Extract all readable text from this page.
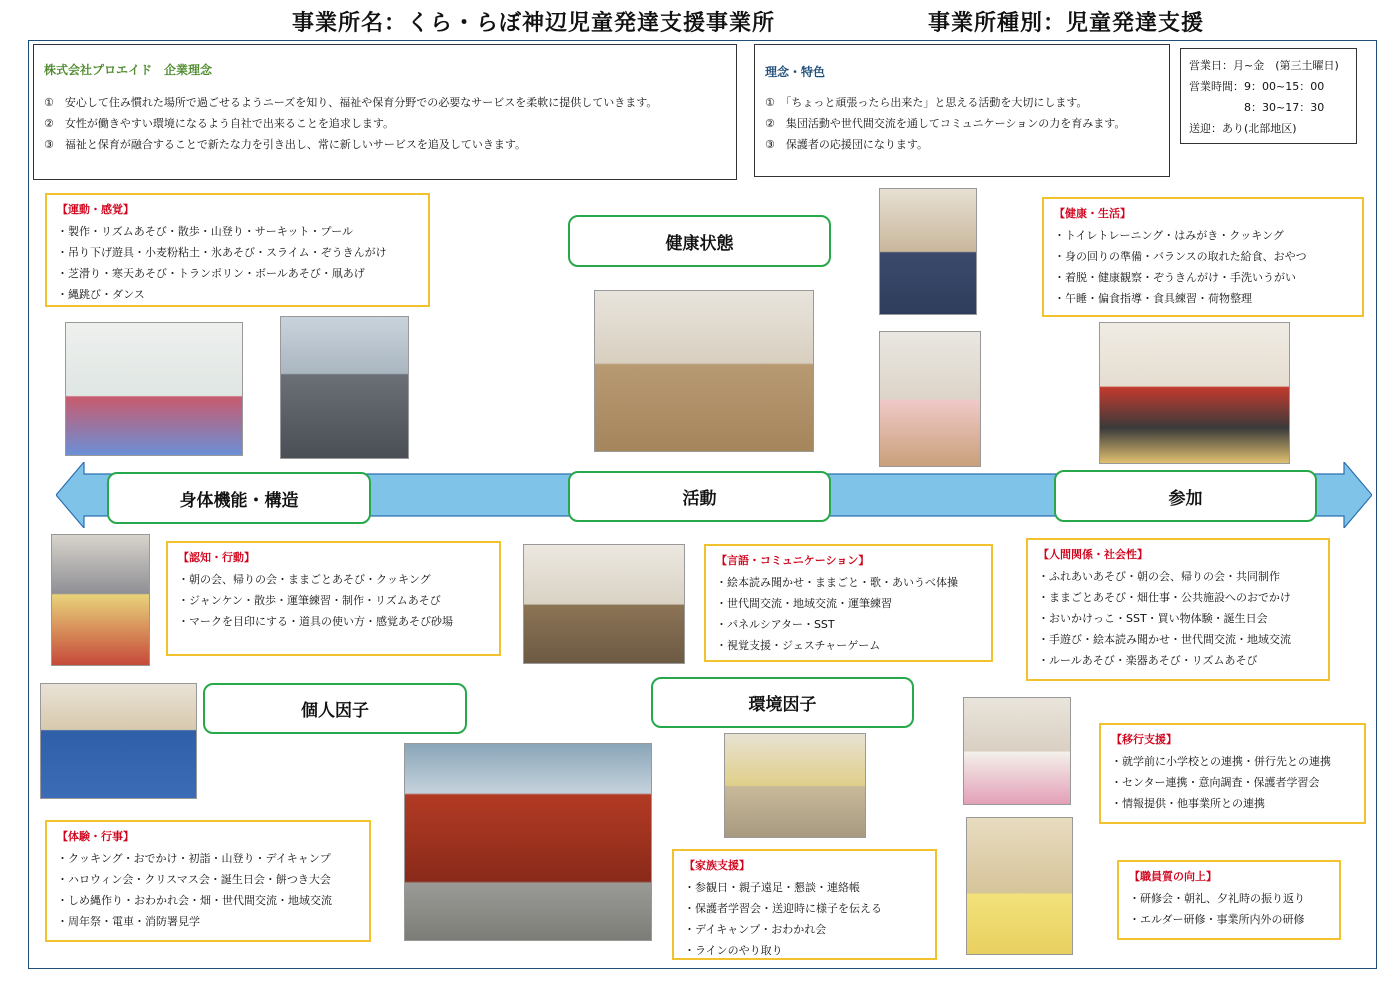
事業所名：くら・らぼ神辺児童発達支援事業所	事業所種別：児童発達支援
株式会社プロエイド　企業理念
①　安心して住み慣れた場所で過ごせるようニーズを知り、福祉や保育分野での必要なサービスを柔軟に提供していきます。
②　女性が働きやすい環境になるよう自社で出来ることを追求します。
③　福祉と保育が融合することで新たな力を引き出し、常に新しいサービスを追及していきます。
理念・特色
①　「ちょっと頑張ったら出来た」と思える活動を大切にします。
②　集団活動や世代間交流を通してコミュニケーションの力を育みます。
③　保護者の応援団になります。
営業日：月~金　(第三土曜日)
営業時間：9：00~15：00
　　　　　8：30~17：30
送迎：あり(北部地区)
【運動・感覚】
・製作・リズムあそび・散歩・山登り・サーキット・プール
・吊り下げ遊具・小麦粉粘土・氷あそび・スライム・ぞうきんがけ
・芝滑り・寒天あそび・トランポリン・ボールあそび・凧あげ
・縄跳び・ダンス
【健康・生活】
・トイレトレーニング・はみがき・クッキング
・身の回りの準備・バランスの取れた給食、おやつ
・着脱・健康観察・ぞうきんがけ・手洗いうがい
・午睡・偏食指導・食具練習・荷物整理
健康状態
身体機能・構造	活動	参加
【認知・行動】
・朝の会、帰りの会・ままごとあそび・クッキング
・ジャンケン・散歩・運筆練習・制作・リズムあそび
・マークを目印にする・道具の使い方・感覚あそび砂場
【言語・コミュニケーション】
・絵本読み聞かせ・ままごと・歌・あいうべ体操
・世代間交流・地域交流・運筆練習
・パネルシアター・SST
・視覚支援・ジェスチャーゲーム
【人間関係・社会性】
・ふれあいあそび・朝の会、帰りの会・共同制作
・ままごとあそび・畑仕事・公共施設へのおでかけ
・おいかけっこ・SST・買い物体験・誕生日会
・手遊び・絵本読み聞かせ・世代間交流・地域交流
・ルールあそび・楽器あそび・リズムあそび
個人因子	環境因子
【移行支援】
・就学前に小学校との連携・併行先との連携
・センター連携・意向調査・保護者学習会
・情報提供・他事業所との連携
【体験・行事】
・クッキング・おでかけ・初詣・山登り・デイキャンプ
・ハロウィン会・クリスマス会・誕生日会・餅つき大会
・しめ縄作り・おわかれ会・畑・世代間交流・地域交流
・周年祭・電車・消防署見学
【家族支援】
・参観日・親子遠足・懇談・連絡帳
・保護者学習会・送迎時に様子を伝える
・デイキャンプ・おわかれ会
・ラインのやり取り
【職員質の向上】
・研修会・朝礼、夕礼時の振り返り
・エルダー研修・事業所内外の研修
